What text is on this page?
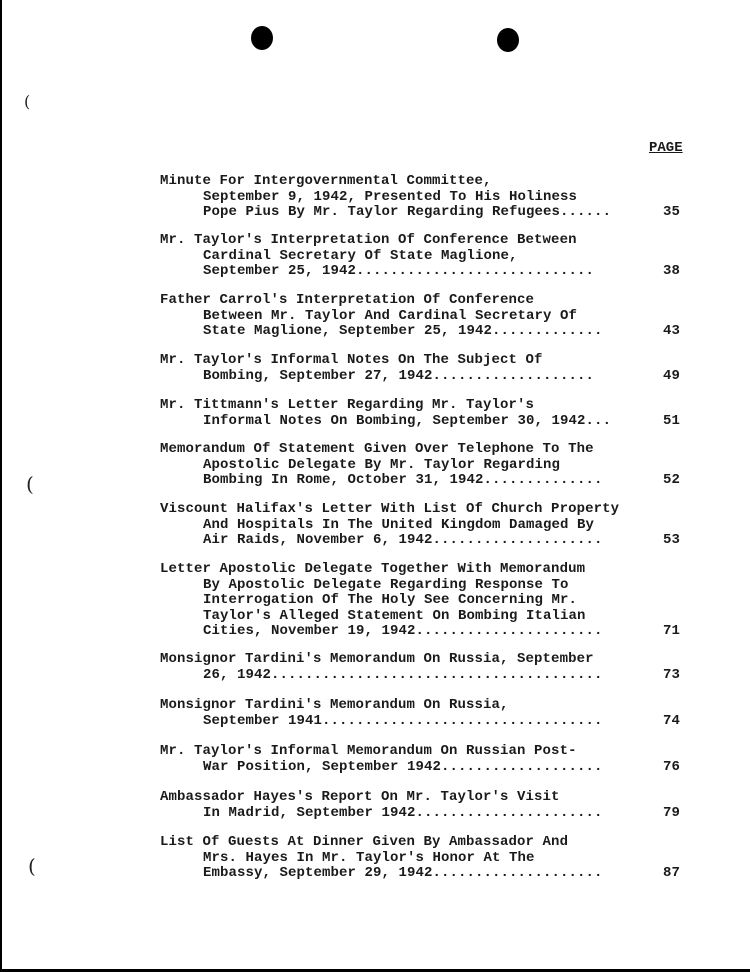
(
(
(
PAGE
Minute For Intergovernmental Committee,
September 9, 1942, Presented To His Holiness
Pope Pius By Mr. Taylor Regarding Refugees......	35
Mr. Taylor's Interpretation Of Conference Between
Cardinal Secretary Of State Maglione,
September 25, 1942............................	38
Father Carrol's Interpretation Of Conference
Between Mr. Taylor And Cardinal Secretary Of
State Maglione, September 25, 1942.............	43
Mr. Taylor's Informal Notes On The Subject Of
Bombing, September 27, 1942...................	49
Mr. Tittmann's Letter Regarding Mr. Taylor's
Informal Notes On Bombing, September 30, 1942...	51
Memorandum Of Statement Given Over Telephone To The
Apostolic Delegate By Mr. Taylor Regarding
Bombing In Rome, October 31, 1942..............	52
Viscount Halifax's Letter With List Of Church Property
And Hospitals In The United Kingdom Damaged By
Air Raids, November 6, 1942....................	53
Letter Apostolic Delegate Together With Memorandum
By Apostolic Delegate Regarding Response To
Interrogation Of The Holy See Concerning Mr.
Taylor's Alleged Statement On Bombing Italian
Cities, November 19, 1942......................	71
Monsignor Tardini's Memorandum On Russia, September
26, 1942.......................................	73
Monsignor Tardini's Memorandum On Russia,
September 1941.................................	74
Mr. Taylor's Informal Memorandum On Russian Post-
War Position, September 1942...................	76
Ambassador Hayes's Report On Mr. Taylor's Visit
In Madrid, September 1942......................	79
List Of Guests At Dinner Given By Ambassador And
Mrs. Hayes In Mr. Taylor's Honor At The
Embassy, September 29, 1942....................	87
